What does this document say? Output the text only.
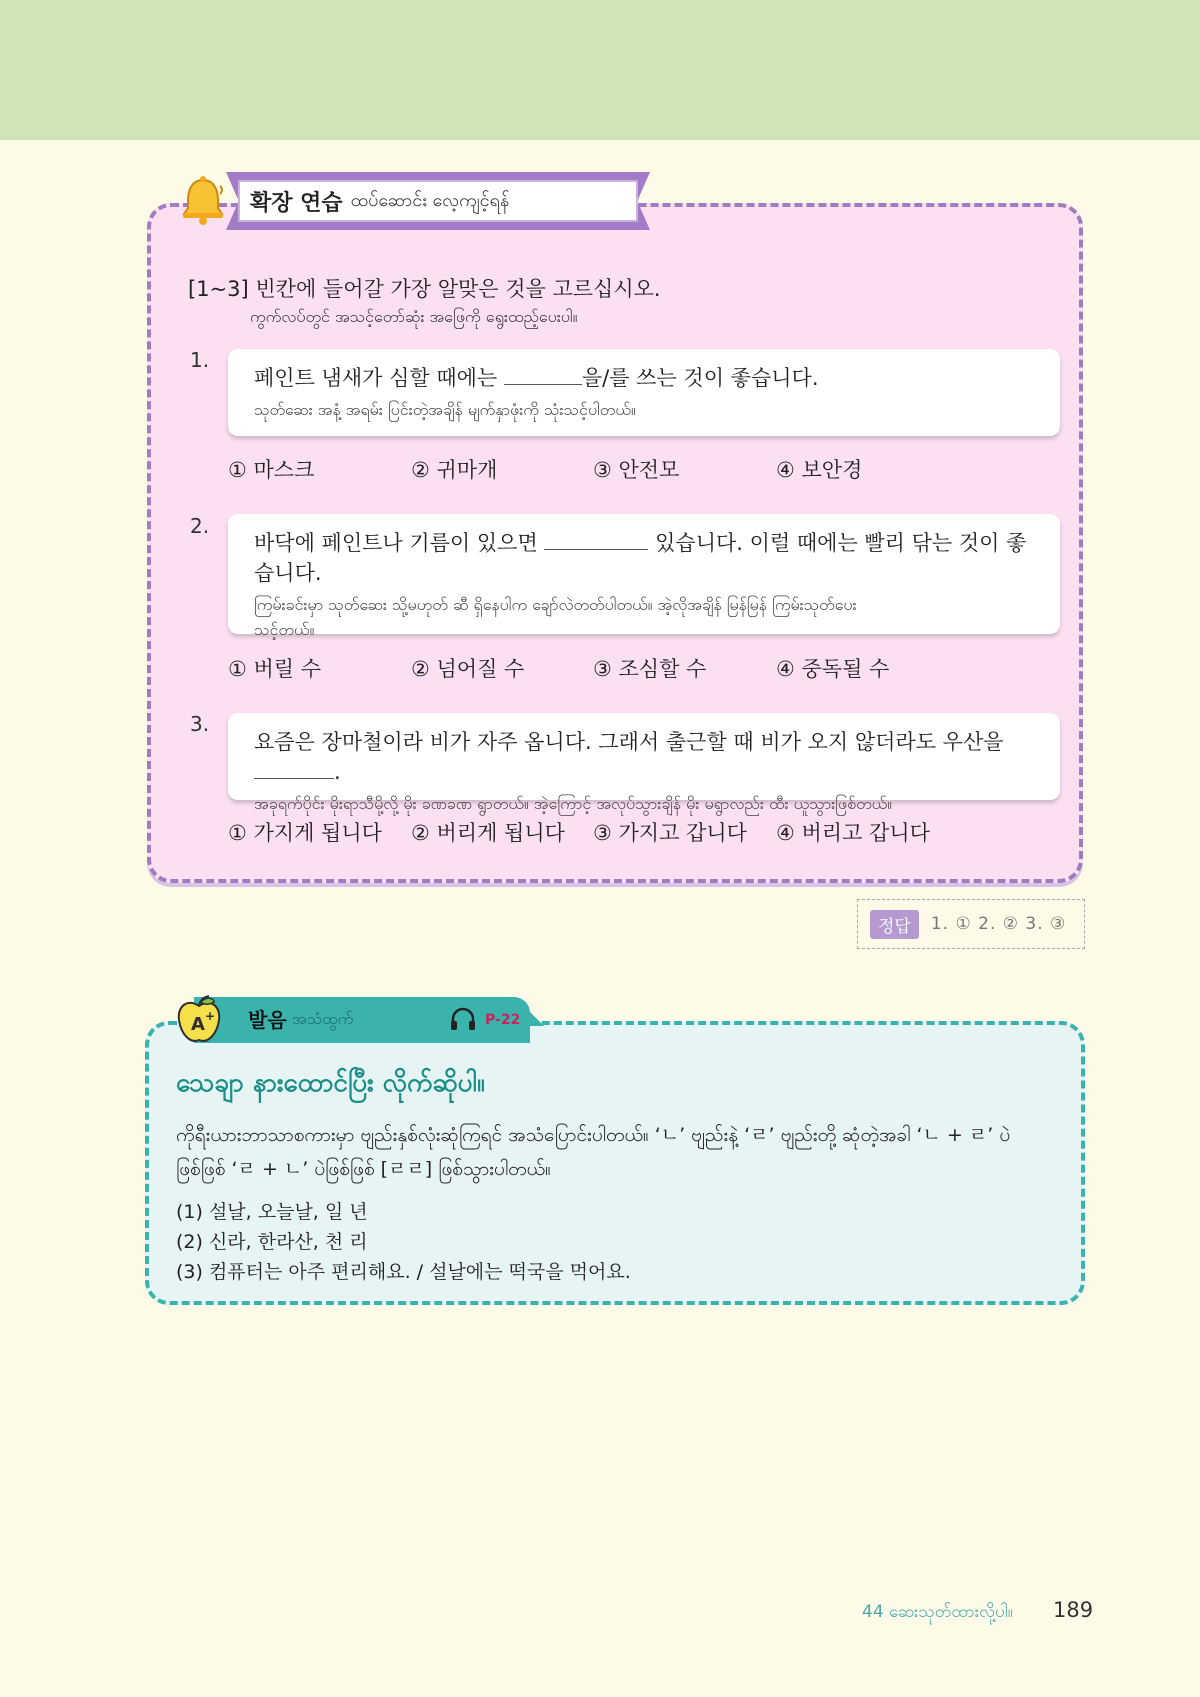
확장 연습 ထပ်ဆောင်း လေ့ကျင့်ရန်
[1~3] 빈칸에 들어갈 가장 알맞은 것을 고르십시오.
ကွက်လပ်တွင် အသင့်တော်ဆုံး အဖြေကို ရွေးထည့်ပေးပါ။
1.
페인트 냄새가 심할 때에는	을/를 쓰는 것이 좋습니다.
သုတ်ဆေး အနံ့ အရမ်း ပြင်းတဲ့အချိန် မျက်နှာဖုံးကို သုံးသင့်ပါတယ်။
① 마스크	② 귀마개	③ 안전모	④ 보안경
2.
바닥에 페인트나 기름이 있으면	있습니다. 이럴 때에는 빨리 닦는 것이 좋습니다.
ကြမ်းခင်းမှာ သုတ်ဆေး သို့မဟုတ် ဆီ ရှိနေပါက ချော်လဲတတ်ပါတယ်။ အဲ့လိုအချိန် မြန်မြန် ကြမ်းသုတ်ပေးသင့်တယ်။
① 버릴 수	② 넘어질 수	③ 조심할 수	④ 중독될 수
3.
요즘은 장마철이라 비가 자주 옵니다. 그래서 출근할 때 비가 오지 않더라도 우산을 .
အခုရက်ပိုင်း မိုးရာသီမို့လို့ မိုး ခဏခဏ ရွာတယ်။ အဲ့ကြောင့် အလုပ်သွားချိန် မိုး မရွာလည်း ထီး ယူသွားဖြစ်တယ်။
① 가지게 됩니다 ② 버리게 됩니다 ③ 가지고 갑니다 ④ 버리고 갑니다
정답	1. ① 2. ② 3. ③
A + 발음 အသံထွက်	P-22
သေချာ နားထောင်ပြီး လိုက်ဆိုပါ။
ကိုရီးယားဘာသာစကားမှာ ဗျည်းနှစ်လုံးဆုံကြရင် အသံပြောင်းပါတယ်။ ‘ㄴ’ ဗျည်းနဲ့ ‘ㄹ’ ဗျည်းတို့ ဆုံတဲ့အခါ ‘ㄴ + ㄹ’ ပဲဖြစ်ဖြစ် ‘ㄹ + ㄴ’ ပဲဖြစ်ဖြစ် [ㄹㄹ] ဖြစ်သွားပါတယ်။
(1) 설날, 오늘날, 일 년
(2) 신라, 한라산, 천 리
(3) 컴퓨터는 아주 편리해요. / 설날에는 떡국을 먹어요.
44 ဆေးသုတ်ထားလို့ပါ။ 189
